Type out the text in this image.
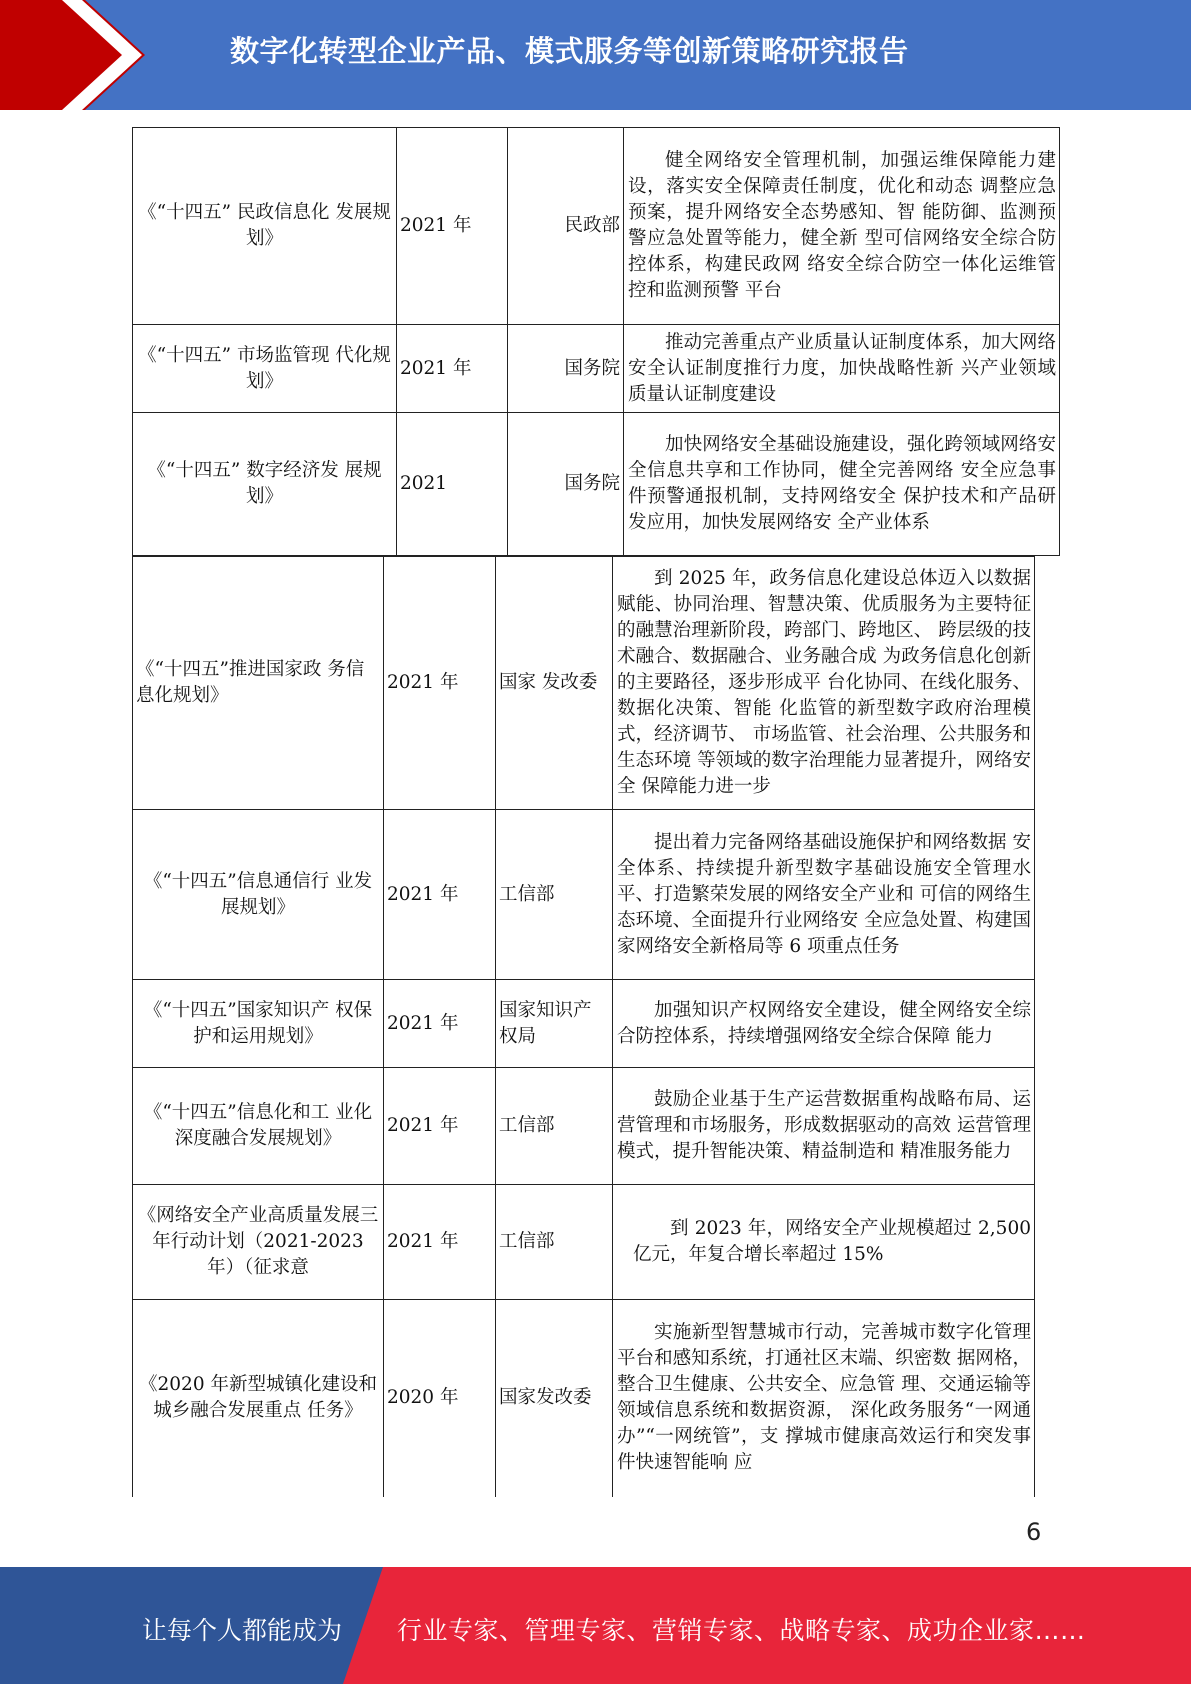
数字化转型企业产品、模式服务等创新策略研究报告
《“十四五” 民政信息化 发展规划》	2021 年	民政部	健全网络安全管理机制，加强运维保障能力建设，落实安全保障责任制度，优化和动态 调整应急预案，提升网络安全态势感知、智 能防御、监测预警应急处置等能力，健全新 型可信网络安全综合防控体系，构建民政网 络安全综合防空一体化运维管控和监测预警 平台
《“十四五” 市场监管现 代化规划》	2021 年	国务院	推动完善重点产业质量认证制度体系，加大网络安全认证制度推行力度，加快战略性新 兴产业领域质量认证制度建设
《“十四五” 数字经济发 展规划》	2021	国务院	加快网络安全基础设施建设，强化跨领域网络安全信息共享和工作协同，健全完善网络 安全应急事件预警通报机制，支持网络安全 保护技术和产品研发应用，加快发展网络安 全产业体系
《“十四五”推进国家政 务信息化规划》	2021 年	国家 发改委	到 2025 年，政务信息化建设总体迈入以数据 赋能、协同治理、智慧决策、优质服务为主要特征的融慧治理新阶段，跨部门、跨地区、 跨层级的技术融合、数据融合、业务融合成 为政务信息化创新的主要路径，逐步形成平 台化协同、在线化服务、数据化决策、智能 化监管的新型数字政府治理模式，经济调节、 市场监管、社会治理、公共服务和生态环境 等领域的数字治理能力显著提升，网络安全 保障能力进一步
《“十四五”信息通信行 业发展规划》	2021 年	工信部	提出着力完备网络基础设施保护和网络数据 安全体系、持续提升新型数字基础设施安全管理水平、打造繁荣发展的网络安全产业和 可信的网络生态环境、全面提升行业网络安 全应急处置、构建国家网络安全新格局等 6 项重点任务
《“十四五”国家知识产 权保护和运用规划》	2021 年	国家知识产权局	加强知识产权网络安全建设，健全网络安全综合防控体系，持续增强网络安全综合保障 能力
《“十四五”信息化和工 业化深度融合发展规划》	2021 年	工信部	鼓励企业基于生产运营数据重构战略布局、运营管理和市场服务，形成数据驱动的高效 运营管理模式，提升智能决策、精益制造和 精准服务能力
《网络安全产业高质量发展三年行动计划（2021-2023 年）（征求意	2021 年	工信部	到 2023 年，网络安全产业规模超过 2,500 亿元，年复合增长率超过 15%
《2020 年新型城镇化建设和城乡融合发展重点 任务》	2020 年	国家发改委	实施新型智慧城市行动，完善城市数字化管理平台和感知系统，打通社区末端、织密数 据网格，整合卫生健康、公共安全、应急管 理、交通运输等领域信息系统和数据资源， 深化政务服务“一网通办”“一网统管”，支 撑城市健康高效运行和突发事件快速智能响 应
6
让每个人都能成为 行业专家、管理专家、营销专家、战略专家、成功企业家……
